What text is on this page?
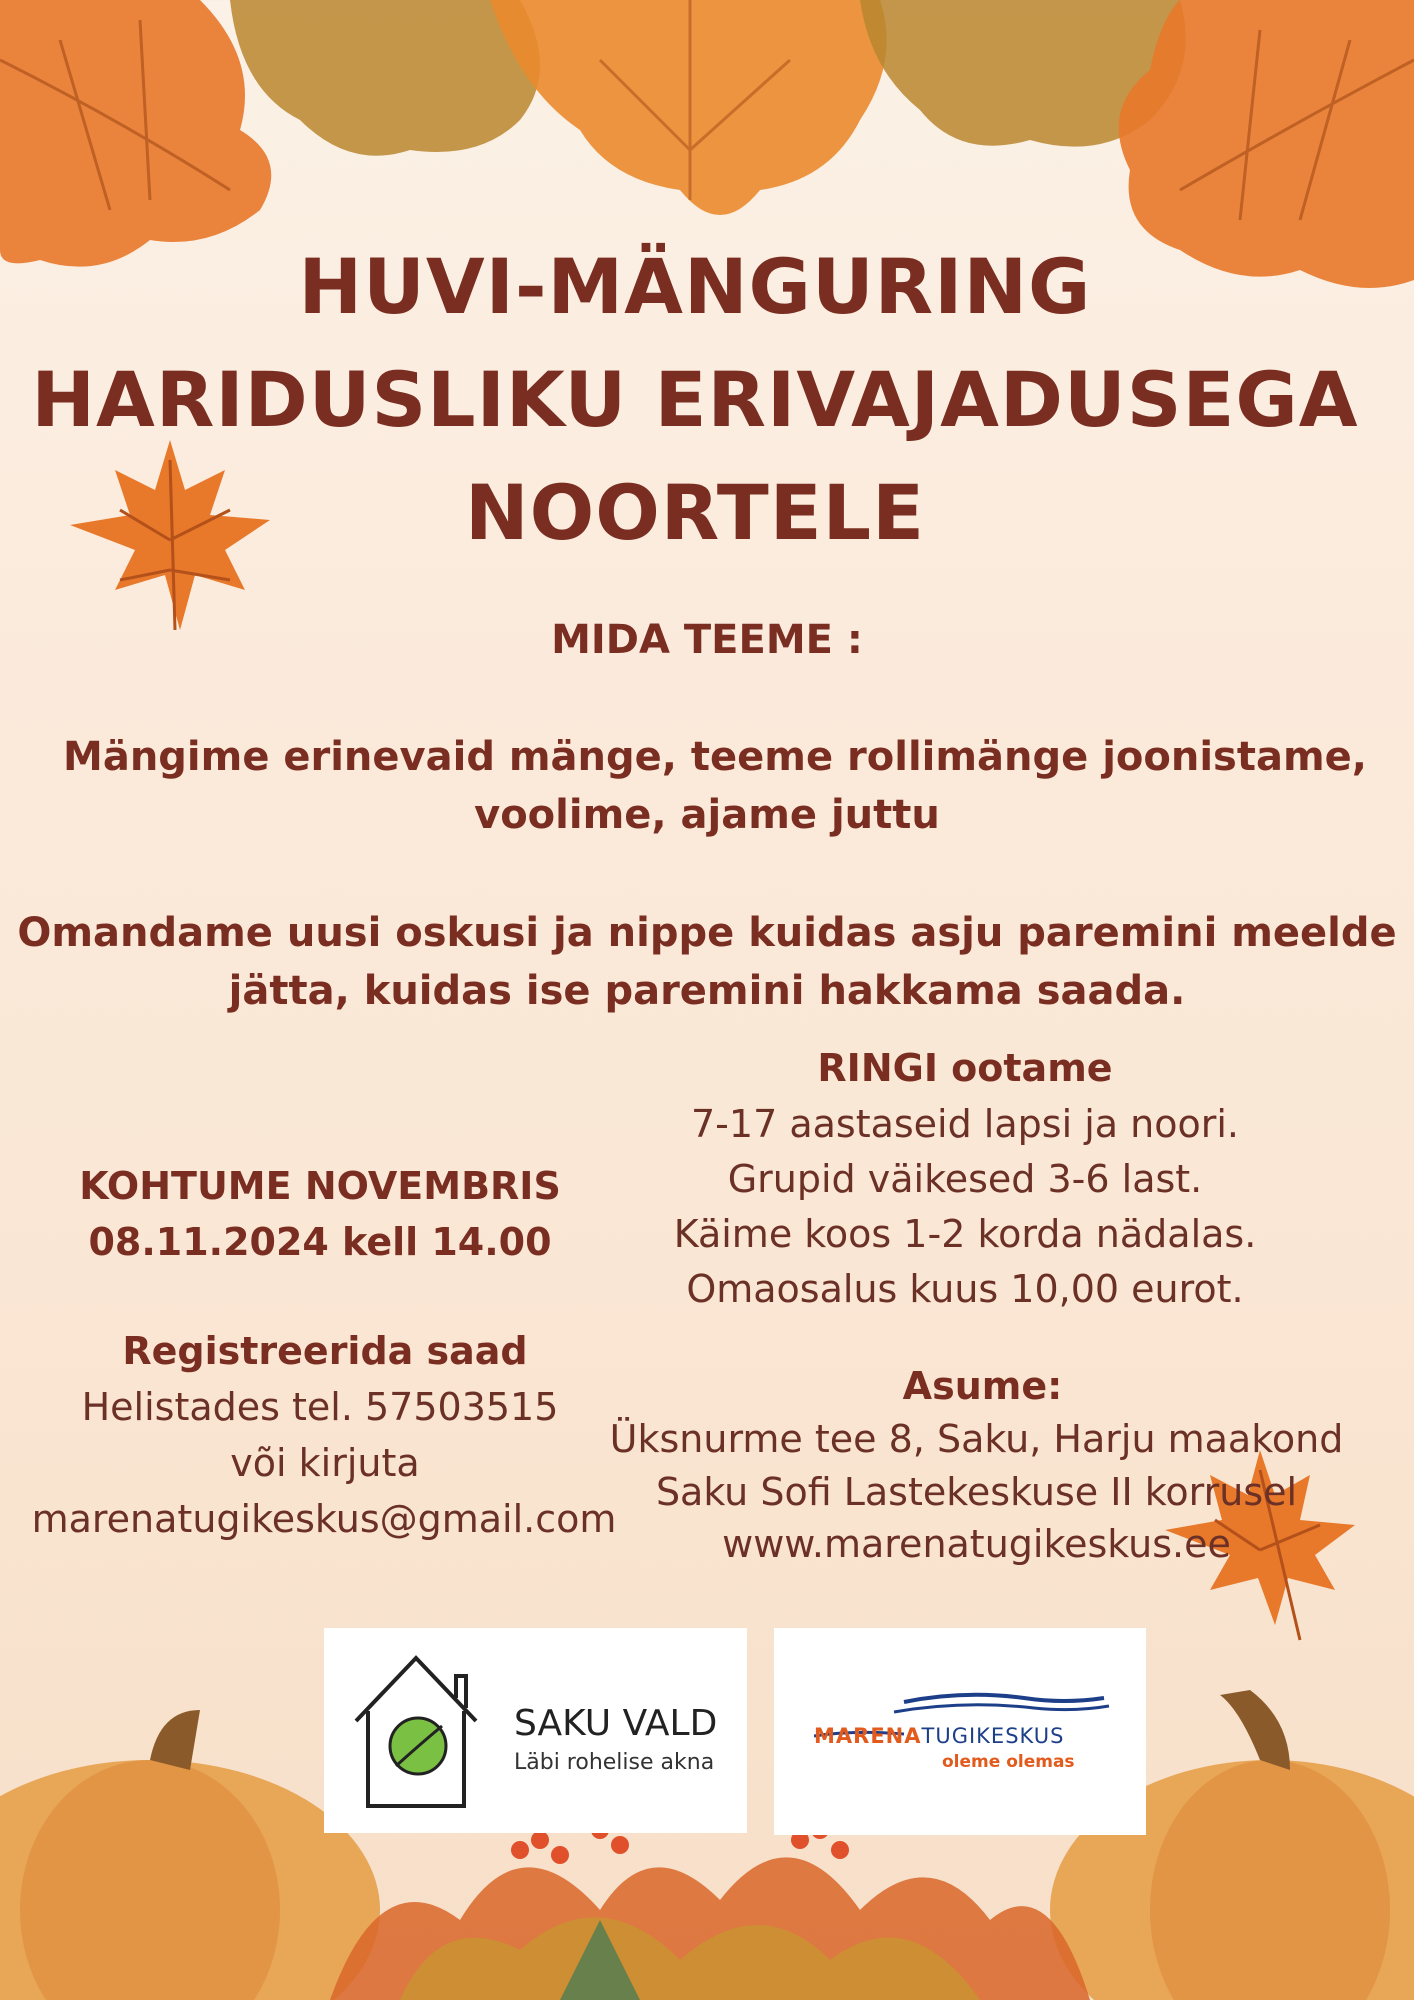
HUVI-MÄNGURING
HARIDUSLIKU ERIVAJADUSEGA
NOORTELE
MIDA TEEME :
Mängime erinevaid mänge, teeme rollimänge joonistame,
voolime, ajame juttu
Omandame uusi oskusi ja nippe kuidas asju paremini meelde
jätta, kuidas ise paremini hakkama saada.
KOHTUME NOVEMBRIS
08.11.2024 kell 14.00
Registreerida saad
Helistades tel. 57503515
või kirjuta
marenatugikeskus@gmail.com
RINGI ootame
7-17 aastaseid lapsi ja noori.
Grupid väikesed 3-6 last.
Käime koos 1-2 korda nädalas.
Omaosalus kuus 10,00 eurot.
Asume:
Üksnurme tee 8, Saku, Harju maakond
Saku Sofi Lastekeskuse II korrusel
www.marenatugikeskus.ee
SAKU VALD
Läbi rohelise akna
MARENATUGIKESKUS
oleme olemas
